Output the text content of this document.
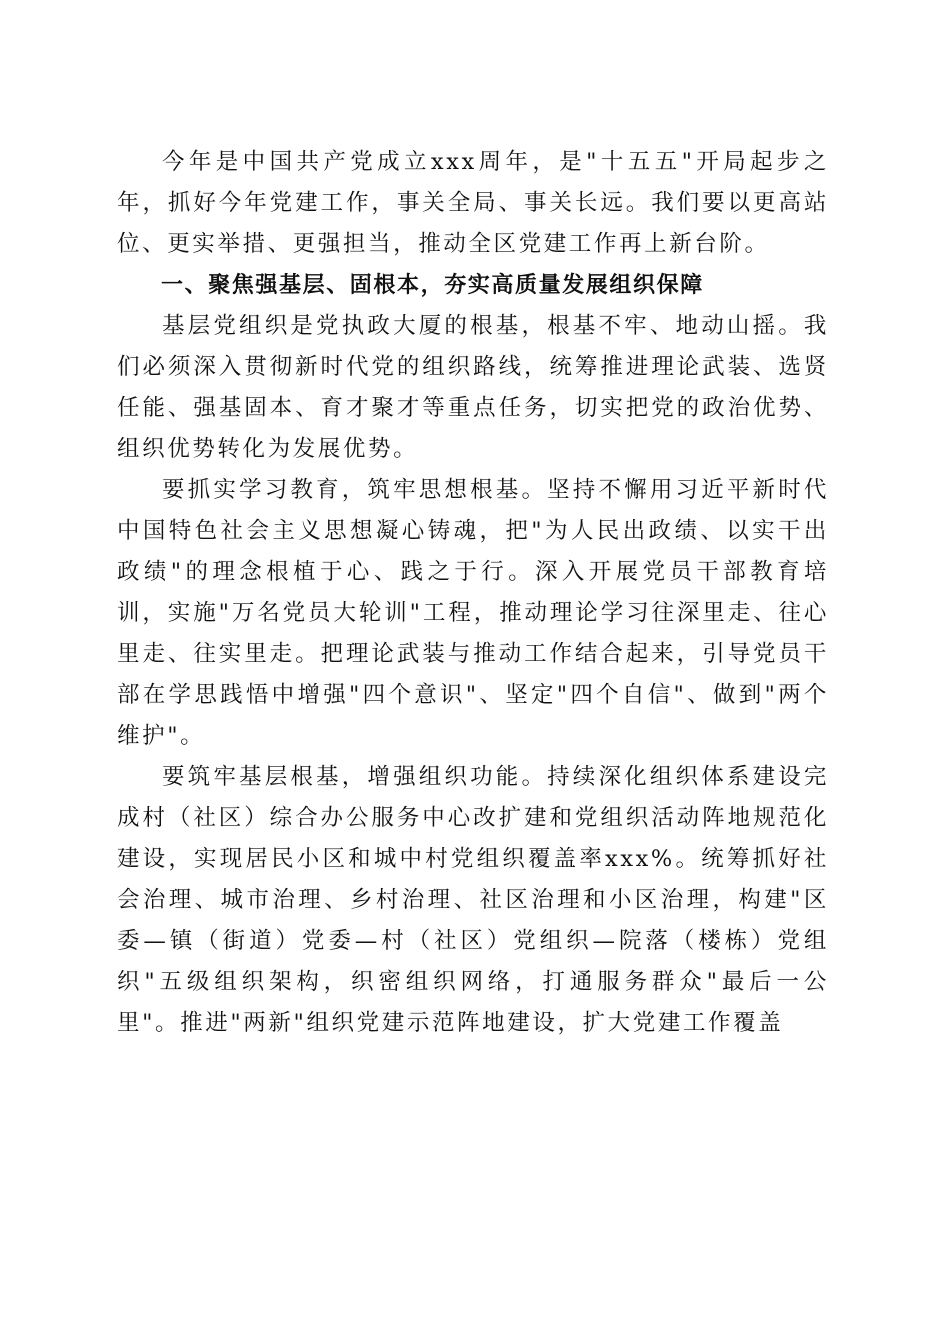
今年是中国共产党成立xxx周年，是"十五五"开局起步之年，抓好今年党建工作，事关全局、事关长远。我们要以更高站位、更实举措、更强担当，推动全区党建工作再上新台阶。

一、聚焦强基层、固根本，夯实高质量发展组织保障

基层党组织是党执政大厦的根基，根基不牢、地动山摇。我们必须深入贯彻新时代党的组织路线，统筹推进理论武装、选贤任能、强基固本、育才聚才等重点任务，切实把党的政治优势、组织优势转化为发展优势。

要抓实学习教育，筑牢思想根基。坚持不懈用习近平新时代中国特色社会主义思想凝心铸魂，把"为人民出政绩、以实干出政绩"的理念根植于心、践之于行。深入开展党员干部教育培训，实施"万名党员大轮训"工程，推动理论学习往深里走、往心里走、往实里走。把理论武装与推动工作结合起来，引导党员干部在学思践悟中增强"四个意识"、坚定"四个自信"、做到"两个维护"。

要筑牢基层根基，增强组织功能。持续深化组织体系建设完成村（社区）综合办公服务中心改扩建和党组织活动阵地规范化建设，实现居民小区和城中村党组织覆盖率xxx%。统筹抓好社会治理、城市治理、乡村治理、社区治理和小区治理，构建"区委—镇（街道）党委—村（社区）党组织—院落（楼栋）党组织"五级组织架构，织密组织网络，打通服务群众"最后一公里"。推进"两新"组织党建示范阵地建设，扩大党建工作覆盖
